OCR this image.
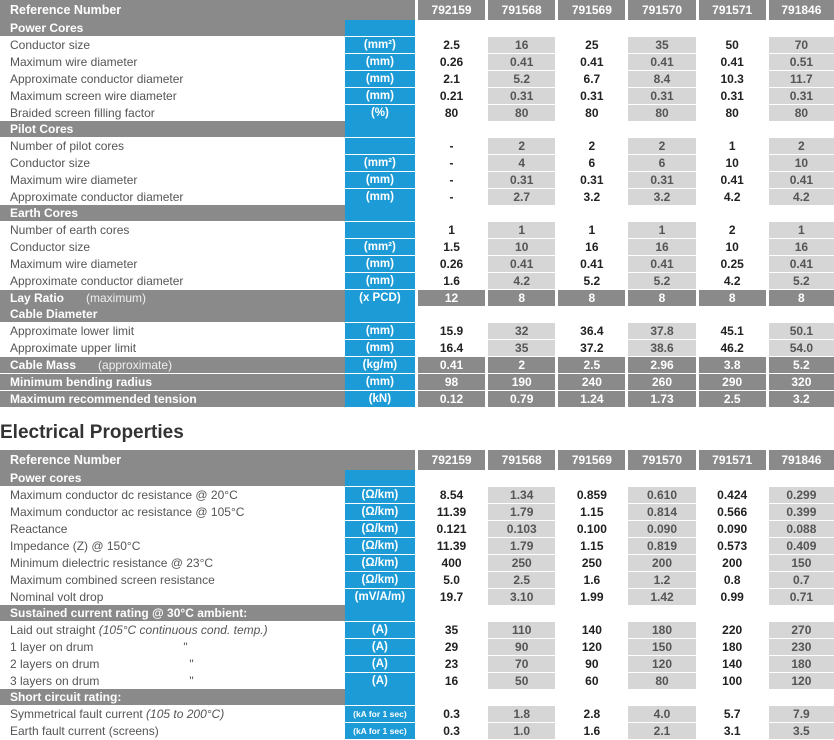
Reference Number			792159		791568		791569		791570		791571		791846
Power Cores													
Conductor size	(mm²)		2.5		16		25		35		50		70
Maximum wire diameter	(mm)		0.26		0.41		0.41		0.41		0.41		0.51
Approximate conductor diameter	(mm)		2.1		5.2		6.7		8.4		10.3		11.7
Maximum screen wire diameter	(mm)		0.21		0.31		0.31		0.31		0.31		0.31
Braided screen filling factor	(%)		80		80		80		80		80		80
Pilot Cores													
Number of pilot cores			-		2		2		2		1		2
Conductor size	(mm²)		-		4		6		6		10		10
Maximum wire diameter	(mm)		-		0.31		0.31		0.31		0.41		0.41
Approximate conductor diameter	(mm)		-		2.7		3.2		3.2		4.2		4.2
Earth Cores													
Number of earth cores			1		1		1		1		2		1
Conductor size	(mm²)		1.5		10		16		16		10		16
Maximum wire diameter	(mm)		0.26		0.41		0.41		0.41		0.25		0.41
Approximate conductor diameter	(mm)		1.6		4.2		5.2		5.2		4.2		5.2
Lay Ratio (maximum)	(x PCD)		12		8		8		8		8		8
Cable Diameter													
Approximate lower limit	(mm)		15.9		32		36.4		37.8		45.1		50.1
Approximate upper limit	(mm)		16.4		35		37.2		38.6		46.2		54.0
Cable Mass (approximate)	(kg/m)		0.41		2		2.5		2.96		3.8		5.2
Minimum bending radius	(mm)		98		190		240		260		290		320
Maximum recommended tension	(kN)		0.12		0.79		1.24		1.73		2.5		3.2
Electrical Properties
Reference Number			792159		791568		791569		791570		791571		791846
Power cores													
Maximum conductor dc resistance @ 20°C	(Ω/km)		8.54		1.34		0.859		0.610		0.424		0.299
Maximum conductor ac resistance @ 105°C	(Ω/km)		11.39		1.79		1.15		0.814		0.566		0.399
Reactance	(Ω/km)		0.121		0.103		0.100		0.090		0.090		0.088
Impedance (Z) @ 150°C	(Ω/km)		11.39		1.79		1.15		0.819		0.573		0.409
Minimum dielectric resistance @ 23°C	(Ω/km)		400		250		250		200		200		150
Maximum combined screen resistance	(Ω/km)		5.0		2.5		1.6		1.2		0.8		0.7
Nominal volt drop	(mV/A/m)		19.7		3.10		1.99		1.42		0.99		0.71
Sustained current rating @ 30°C ambient:													
Laid out straight (105°C continuous cond. temp.)	(A)		35		110		140		180		220		270
1 layer on drum "	(A)		29		90		120		150		180		230
2 layers on drum "	(A)		23		70		90		120		140		180
3 layers on drum "	(A)		16		50		60		80		100		120
Short circuit rating:													
Symmetrical fault current (105 to 200°C)	(kA for 1 sec)		0.3		1.8		2.8		4.0		5.7		7.9
Earth fault current (screens)	(kA for 1 sec)		0.3		1.0		1.6		2.1		3.1		3.5
